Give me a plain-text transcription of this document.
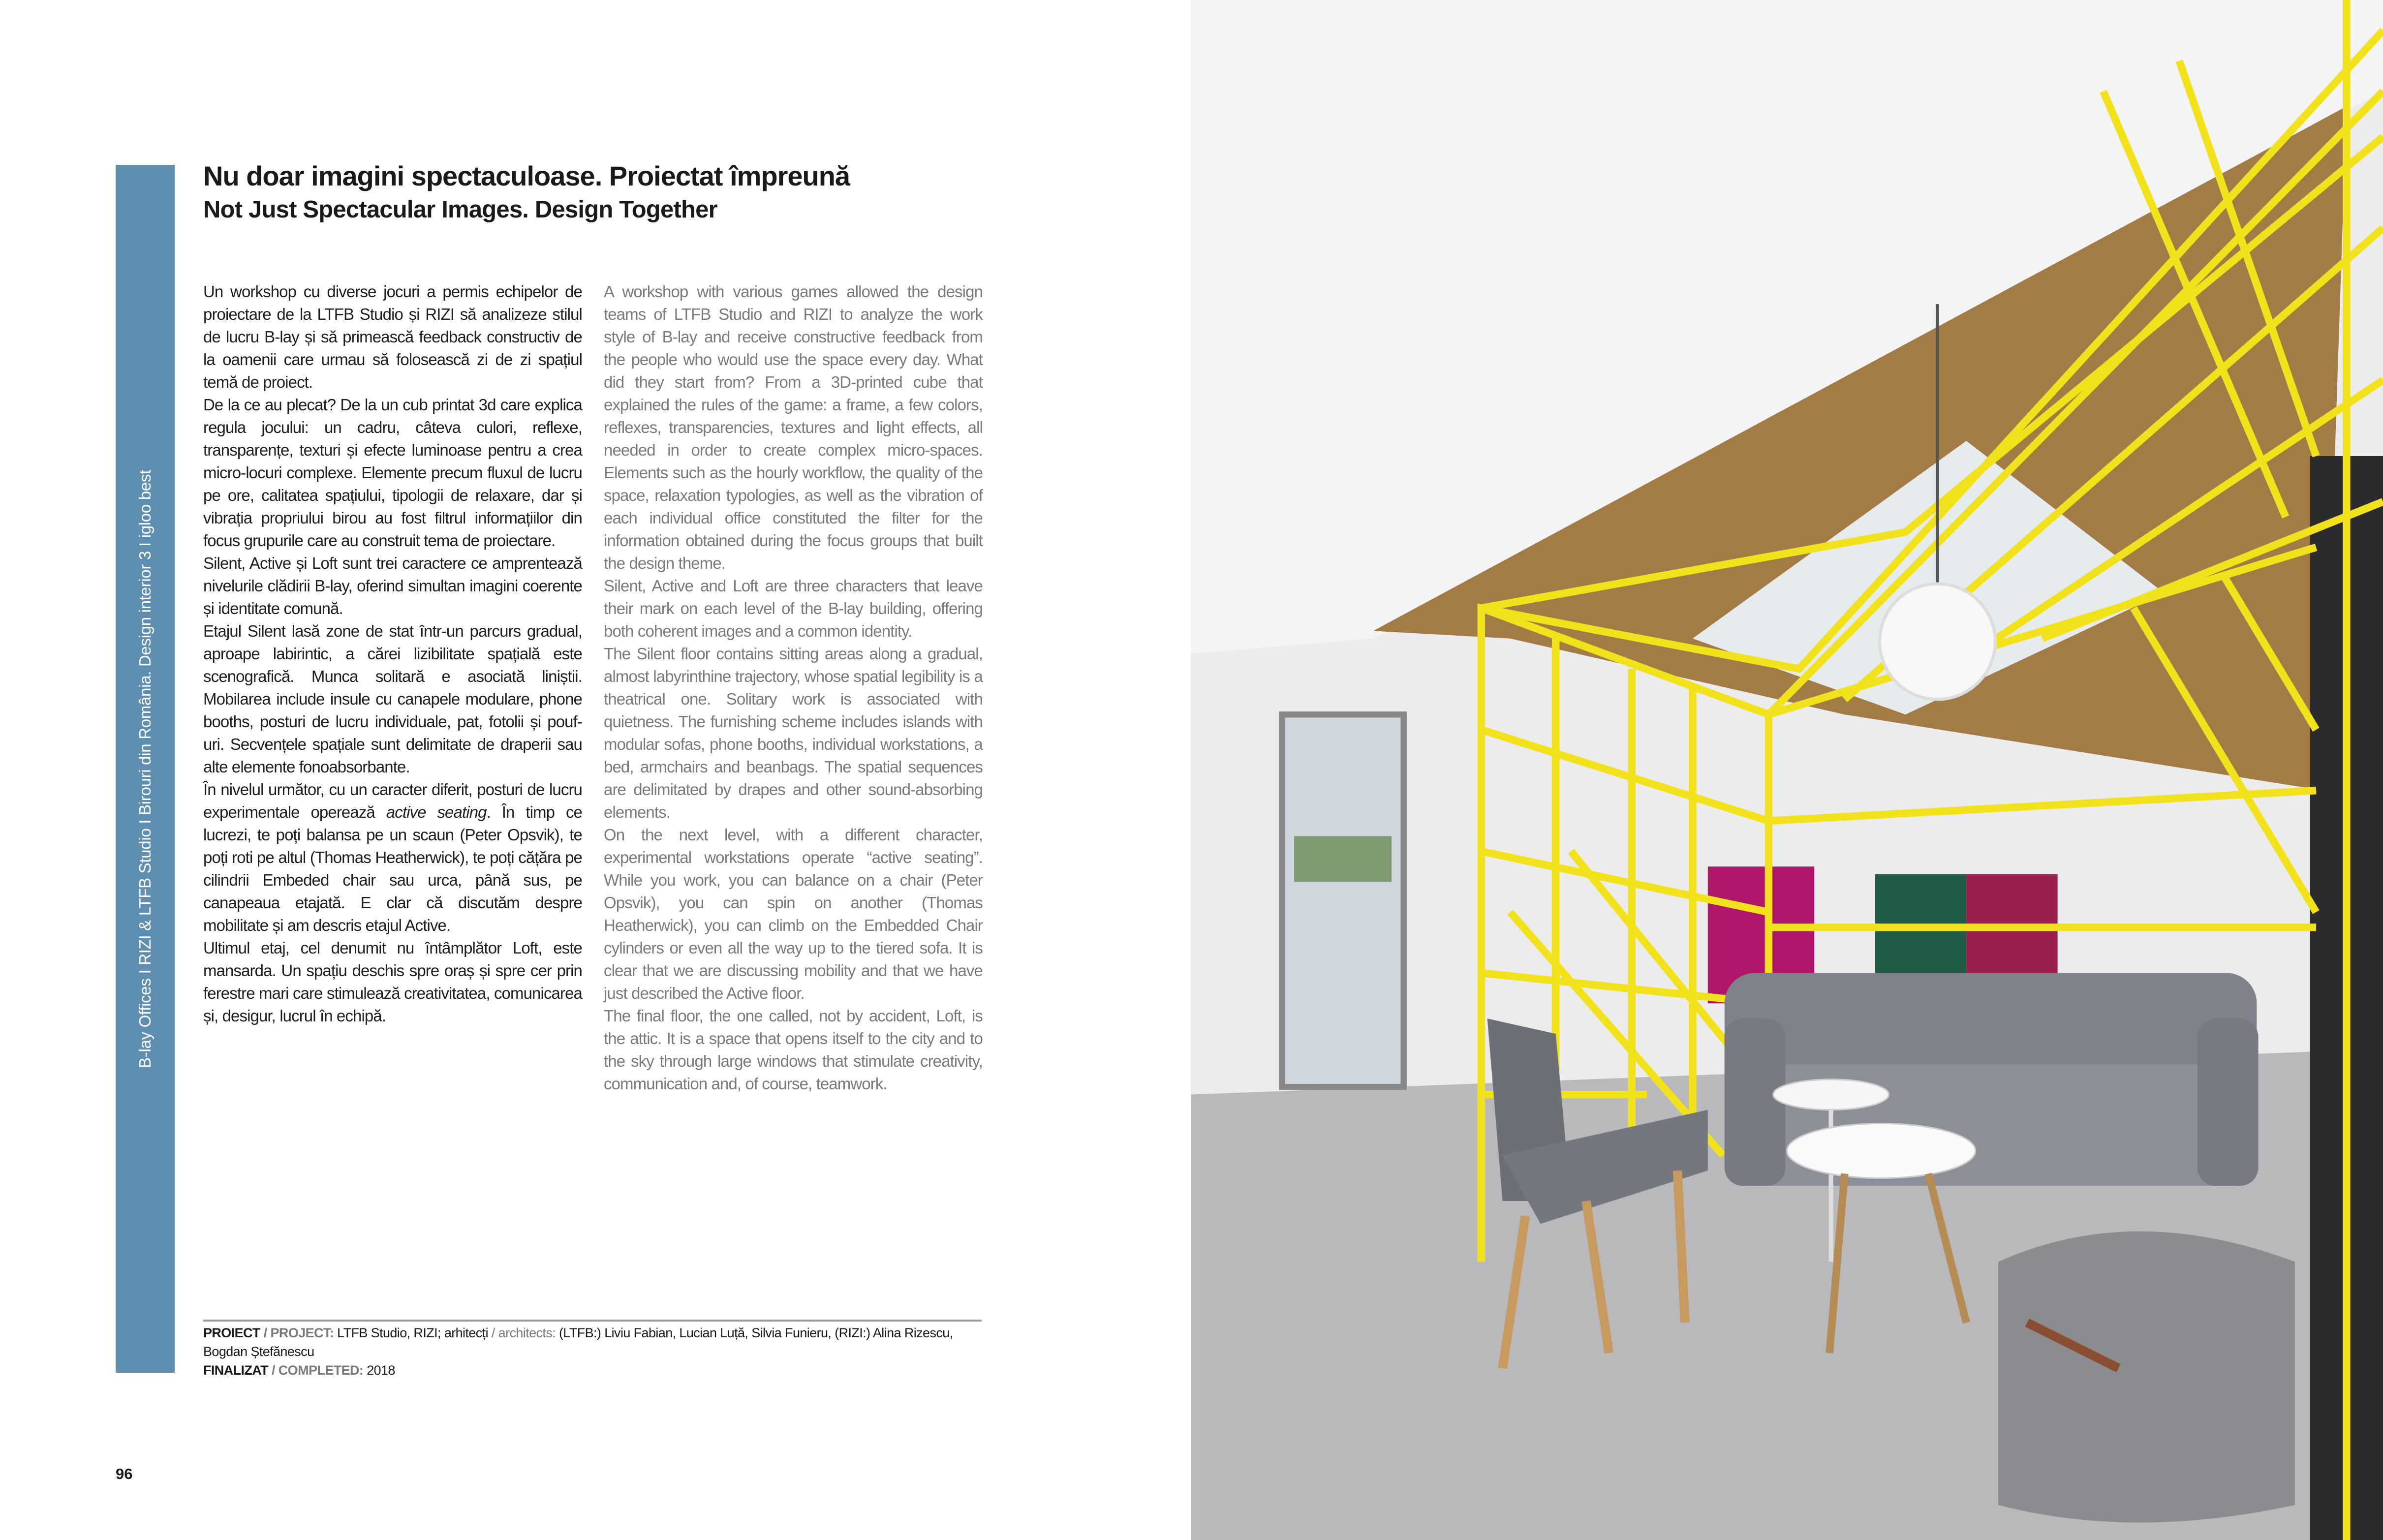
B-lay Offices I RIZI & LTFB Studio I Birouri din România. Design interior 3 I igloo best
Nu doar imagini spectaculoase. Proiectat împreună
Not Just Spectacular Images. Design Together

Un workshop cu diverse jocuri a permis echipelor de proiectare de la LTFB Studio și RIZI să analizeze stilul de lucru B-lay și să primească feedback constructiv de la oamenii care urmau să folosească zi de zi spațiul temă de proiect.

De la ce au plecat? De la un cub printat 3d care explica regula jocului: un cadru, câteva culori, reflexe, transparențe, texturi și efecte luminoase pentru a crea micro-locuri complexe. Elemente precum fluxul de lucru pe ore, calitatea spațiului, tipologii de relaxare, dar și vibrația propriului birou au fost filtrul informațiilor din focus grupurile care au construit tema de proiectare.

Silent, Active și Loft sunt trei caractere ce amprentează nivelurile clădirii B-lay, oferind simultan imagini coerente și identitate comună.

Etajul Silent lasă zone de stat într-un parcurs gradual, aproape labirintic, a cărei lizibilitate spațială este scenografică. Munca solitară e asociată liniștii. Mobilarea include insule cu canapele modulare, phone booths, posturi de lucru individuale, pat, fotolii și pouf-uri. Secvențele spațiale sunt delimitate de draperii sau alte elemente fonoabsorbante.

În nivelul următor, cu un caracter diferit, posturi de lucru experimentale operează active seating. În timp ce lucrezi, te poți balansa pe un scaun (Peter Opsvik), te poți roti pe altul (Thomas Heatherwick), te poți cățăra pe cilindrii Embeded chair sau urca, până sus, pe canapeaua etajată. E clar că discutăm despre mobilitate și am descris etajul Active.

Ultimul etaj, cel denumit nu întâmplător Loft, este mansarda. Un spațiu deschis spre oraș și spre cer prin ferestre mari care stimulează creativitatea, comunicarea și, desigur, lucrul în echipă.

A workshop with various games allowed the design teams of LTFB Studio and RIZI to analyze the work style of B-lay and receive constructive feedback from the people who would use the space every day. What did they start from? From a 3D-printed cube that explained the rules of the game: a frame, a few colors, reflexes, transparencies, textures and light effects, all needed in order to create complex micro-spaces. Elements such as the hourly workflow, the quality of the space, relaxation typologies, as well as the vibration of each individual office constituted the filter for the information obtained during the focus groups that built the design theme.

Silent, Active and Loft are three characters that leave their mark on each level of the B-lay building, offering both coherent images and a common identity.

The Silent floor contains sitting areas along a gradual, almost labyrinthine trajectory, whose spatial legibility is a theatrical one. Solitary work is associated with quietness. The furnishing scheme includes islands with modular sofas, phone booths, individual workstations, a bed, armchairs and beanbags. The spatial sequences are delimitated by drapes and other sound-absorbing elements.

On the next level, with a different character, experimental workstations operate “active seating”. While you work, you can balance on a chair (Peter Opsvik), you can spin on another (Thomas Heatherwick), you can climb on the Embedded Chair cylinders or even all the way up to the tiered sofa. It is clear that we are discussing mobility and that we have just described the Active floor.

The final floor, the one called, not by accident, Loft, is the attic. It is a space that opens itself to the city and to the sky through large windows that stimulate creativity, communication and, of course, teamwork.

PROIECT / PROJECT: LTFB Studio, RIZI; arhitecți / architects: (LTFB:) Liviu Fabian, Lucian Luță, Silvia Funieru, (RIZI:) Alina Rizescu, Bogdan Ștefănescu
FINALIZAT / COMPLETED: 2018
96
